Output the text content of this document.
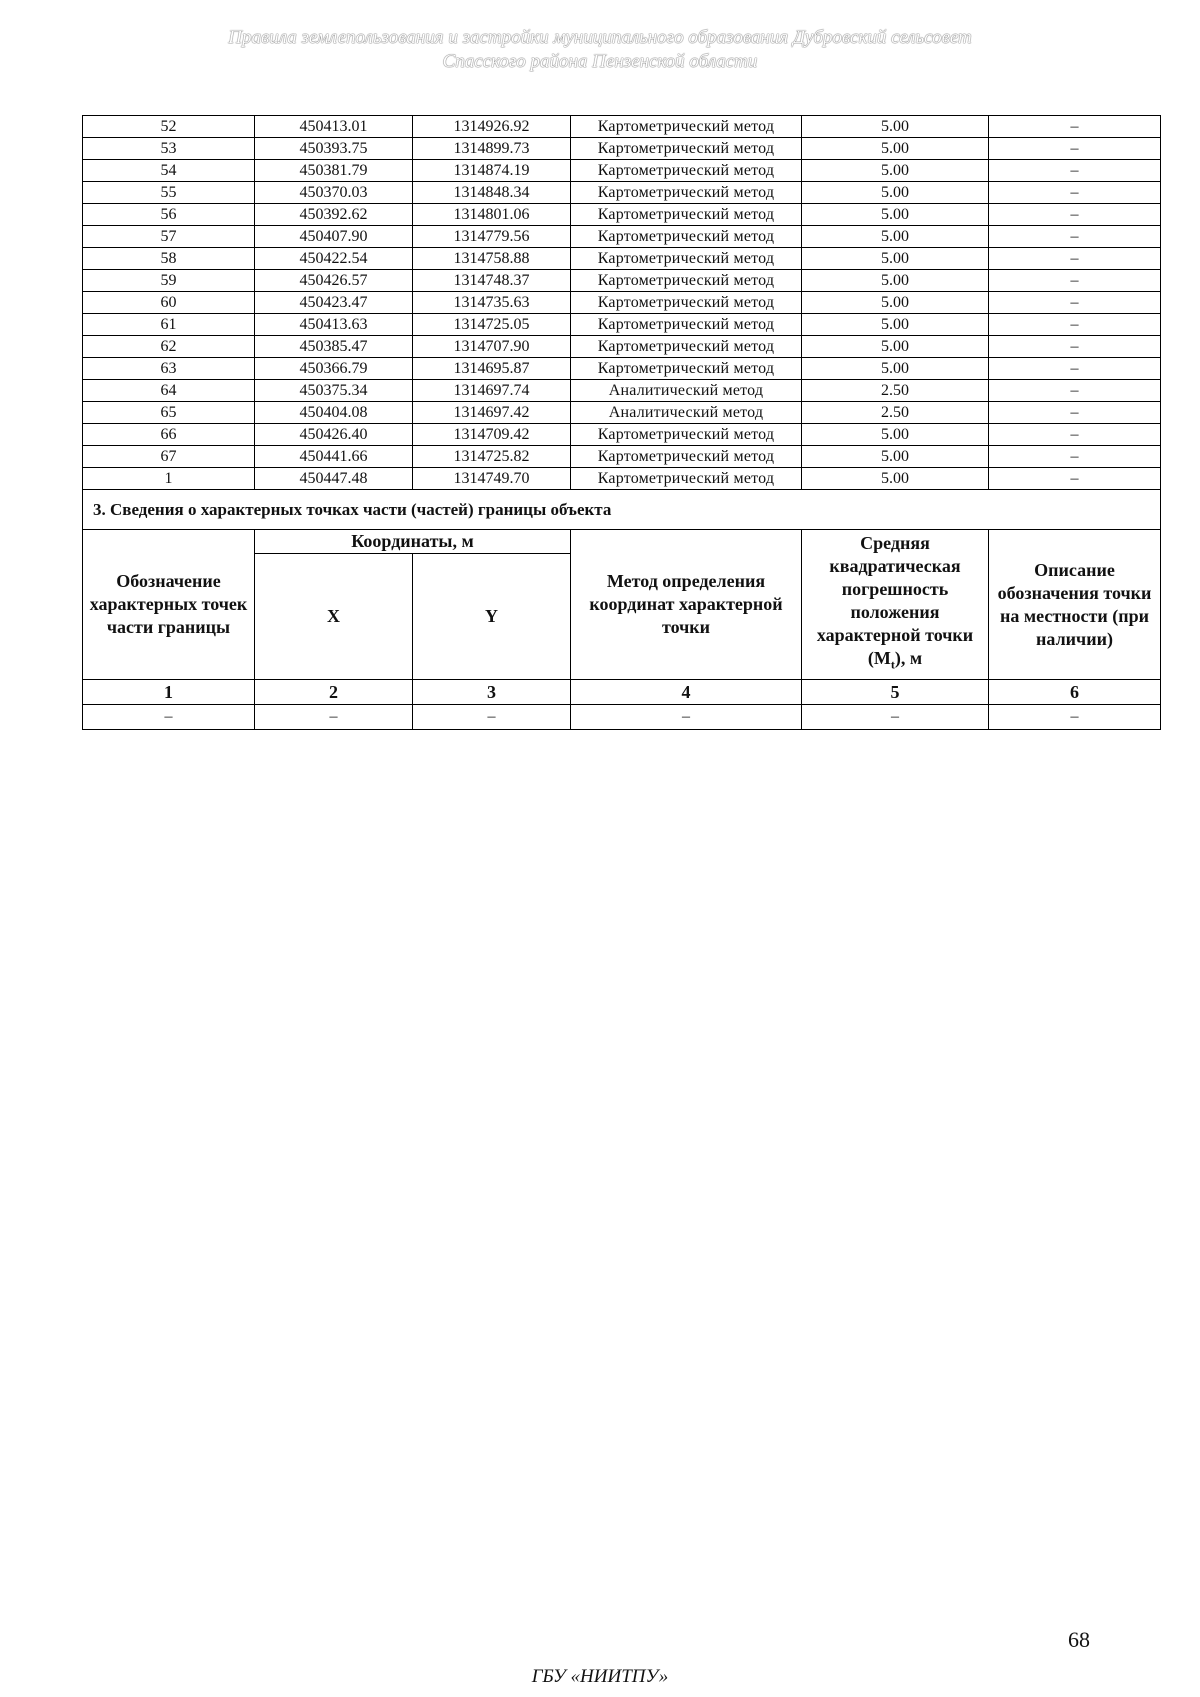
Правила землепользования и застройки муниципального образования Дубровский сельсовет
Спасского района Пензенской области
52	450413.01	1314926.92	Картометрический метод	5.00	–
53	450393.75	1314899.73	Картометрический метод	5.00	–
54	450381.79	1314874.19	Картометрический метод	5.00	–
55	450370.03	1314848.34	Картометрический метод	5.00	–
56	450392.62	1314801.06	Картометрический метод	5.00	–
57	450407.90	1314779.56	Картометрический метод	5.00	–
58	450422.54	1314758.88	Картометрический метод	5.00	–
59	450426.57	1314748.37	Картометрический метод	5.00	–
60	450423.47	1314735.63	Картометрический метод	5.00	–
61	450413.63	1314725.05	Картометрический метод	5.00	–
62	450385.47	1314707.90	Картометрический метод	5.00	–
63	450366.79	1314695.87	Картометрический метод	5.00	–
64	450375.34	1314697.74	Аналитический метод	2.50	–
65	450404.08	1314697.42	Аналитический метод	2.50	–
66	450426.40	1314709.42	Картометрический метод	5.00	–
67	450441.66	1314725.82	Картометрический метод	5.00	–
1	450447.48	1314749.70	Картометрический метод	5.00	–
3. Сведения о характерных точках части (частей) границы объекта					
Обозначение характерных точек части границы	Координаты, м		Метод определения координат характерной точки	Средняя квадратическая погрешность положения характерной точки $(M_t)$, м	Описание обозначения точки на местности (при наличии)
	X	Y			
1	2	3	4	5	6
–	–	–	–	–	–
68
ГБУ «НИИТПУ»
